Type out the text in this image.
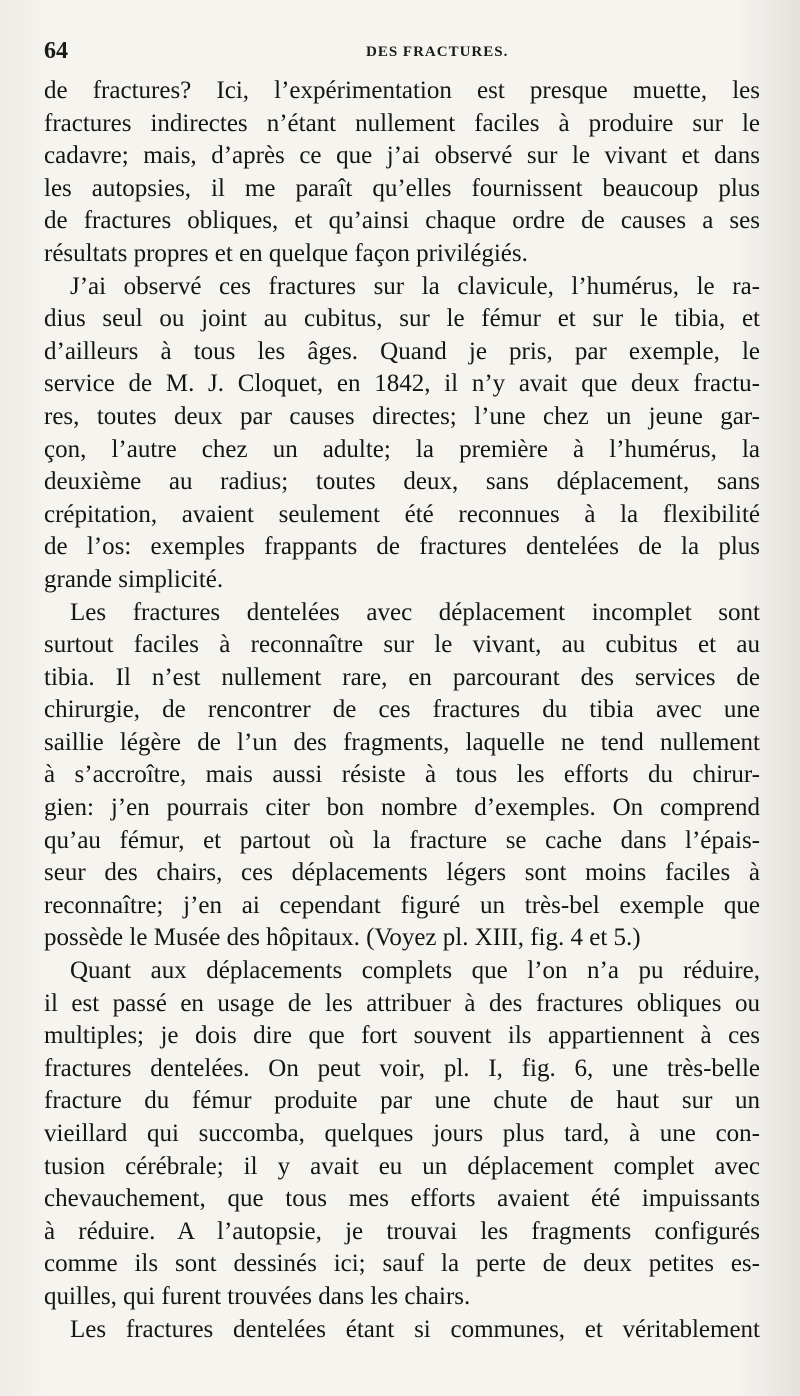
64	DES FRACTURES.

de fractures? Ici, l’expérimentation est presque muette, les
fractures indirectes n’étant nullement faciles à produire sur le
cadavre; mais, d’après ce que j’ai observé sur le vivant et dans
les autopsies, il me paraît qu’elles fournissent beaucoup plus
de fractures obliques, et qu’ainsi chaque ordre de causes a ses
résultats propres et en quelque façon privilégiés.

J’ai observé ces fractures sur la clavicule, l’humérus, le ra-
dius seul ou joint au cubitus, sur le fémur et sur le tibia, et
d’ailleurs à tous les âges. Quand je pris, par exemple, le
service de M. J. Cloquet, en 1842, il n’y avait que deux fractu-
res, toutes deux par causes directes; l’une chez un jeune gar-
çon, l’autre chez un adulte; la première à l’humérus, la
deuxième au radius; toutes deux, sans déplacement, sans
crépitation, avaient seulement été reconnues à la flexibilité
de l’os: exemples frappants de fractures dentelées de la plus
grande simplicité.

Les fractures dentelées avec déplacement incomplet sont
surtout faciles à reconnaître sur le vivant, au cubitus et au
tibia. Il n’est nullement rare, en parcourant des services de
chirurgie, de rencontrer de ces fractures du tibia avec une
saillie légère de l’un des fragments, laquelle ne tend nullement
à s’accroître, mais aussi résiste à tous les efforts du chirur-
gien: j’en pourrais citer bon nombre d’exemples. On comprend
qu’au fémur, et partout où la fracture se cache dans l’épais-
seur des chairs, ces déplacements légers sont moins faciles à
reconnaître; j’en ai cependant figuré un très-bel exemple que
possède le Musée des hôpitaux. (Voyez pl. XIII, fig. 4 et 5.)

Quant aux déplacements complets que l’on n’a pu réduire,
il est passé en usage de les attribuer à des fractures obliques ou
multiples; je dois dire que fort souvent ils appartiennent à ces
fractures dentelées. On peut voir, pl. I, fig. 6, une très-belle
fracture du fémur produite par une chute de haut sur un
vieillard qui succomba, quelques jours plus tard, à une con-
tusion cérébrale; il y avait eu un déplacement complet avec
chevauchement, que tous mes efforts avaient été impuissants
à réduire. A l’autopsie, je trouvai les fragments configurés
comme ils sont dessinés ici; sauf la perte de deux petites es-
quilles, qui furent trouvées dans les chairs.

Les fractures dentelées étant si communes, et véritablement
